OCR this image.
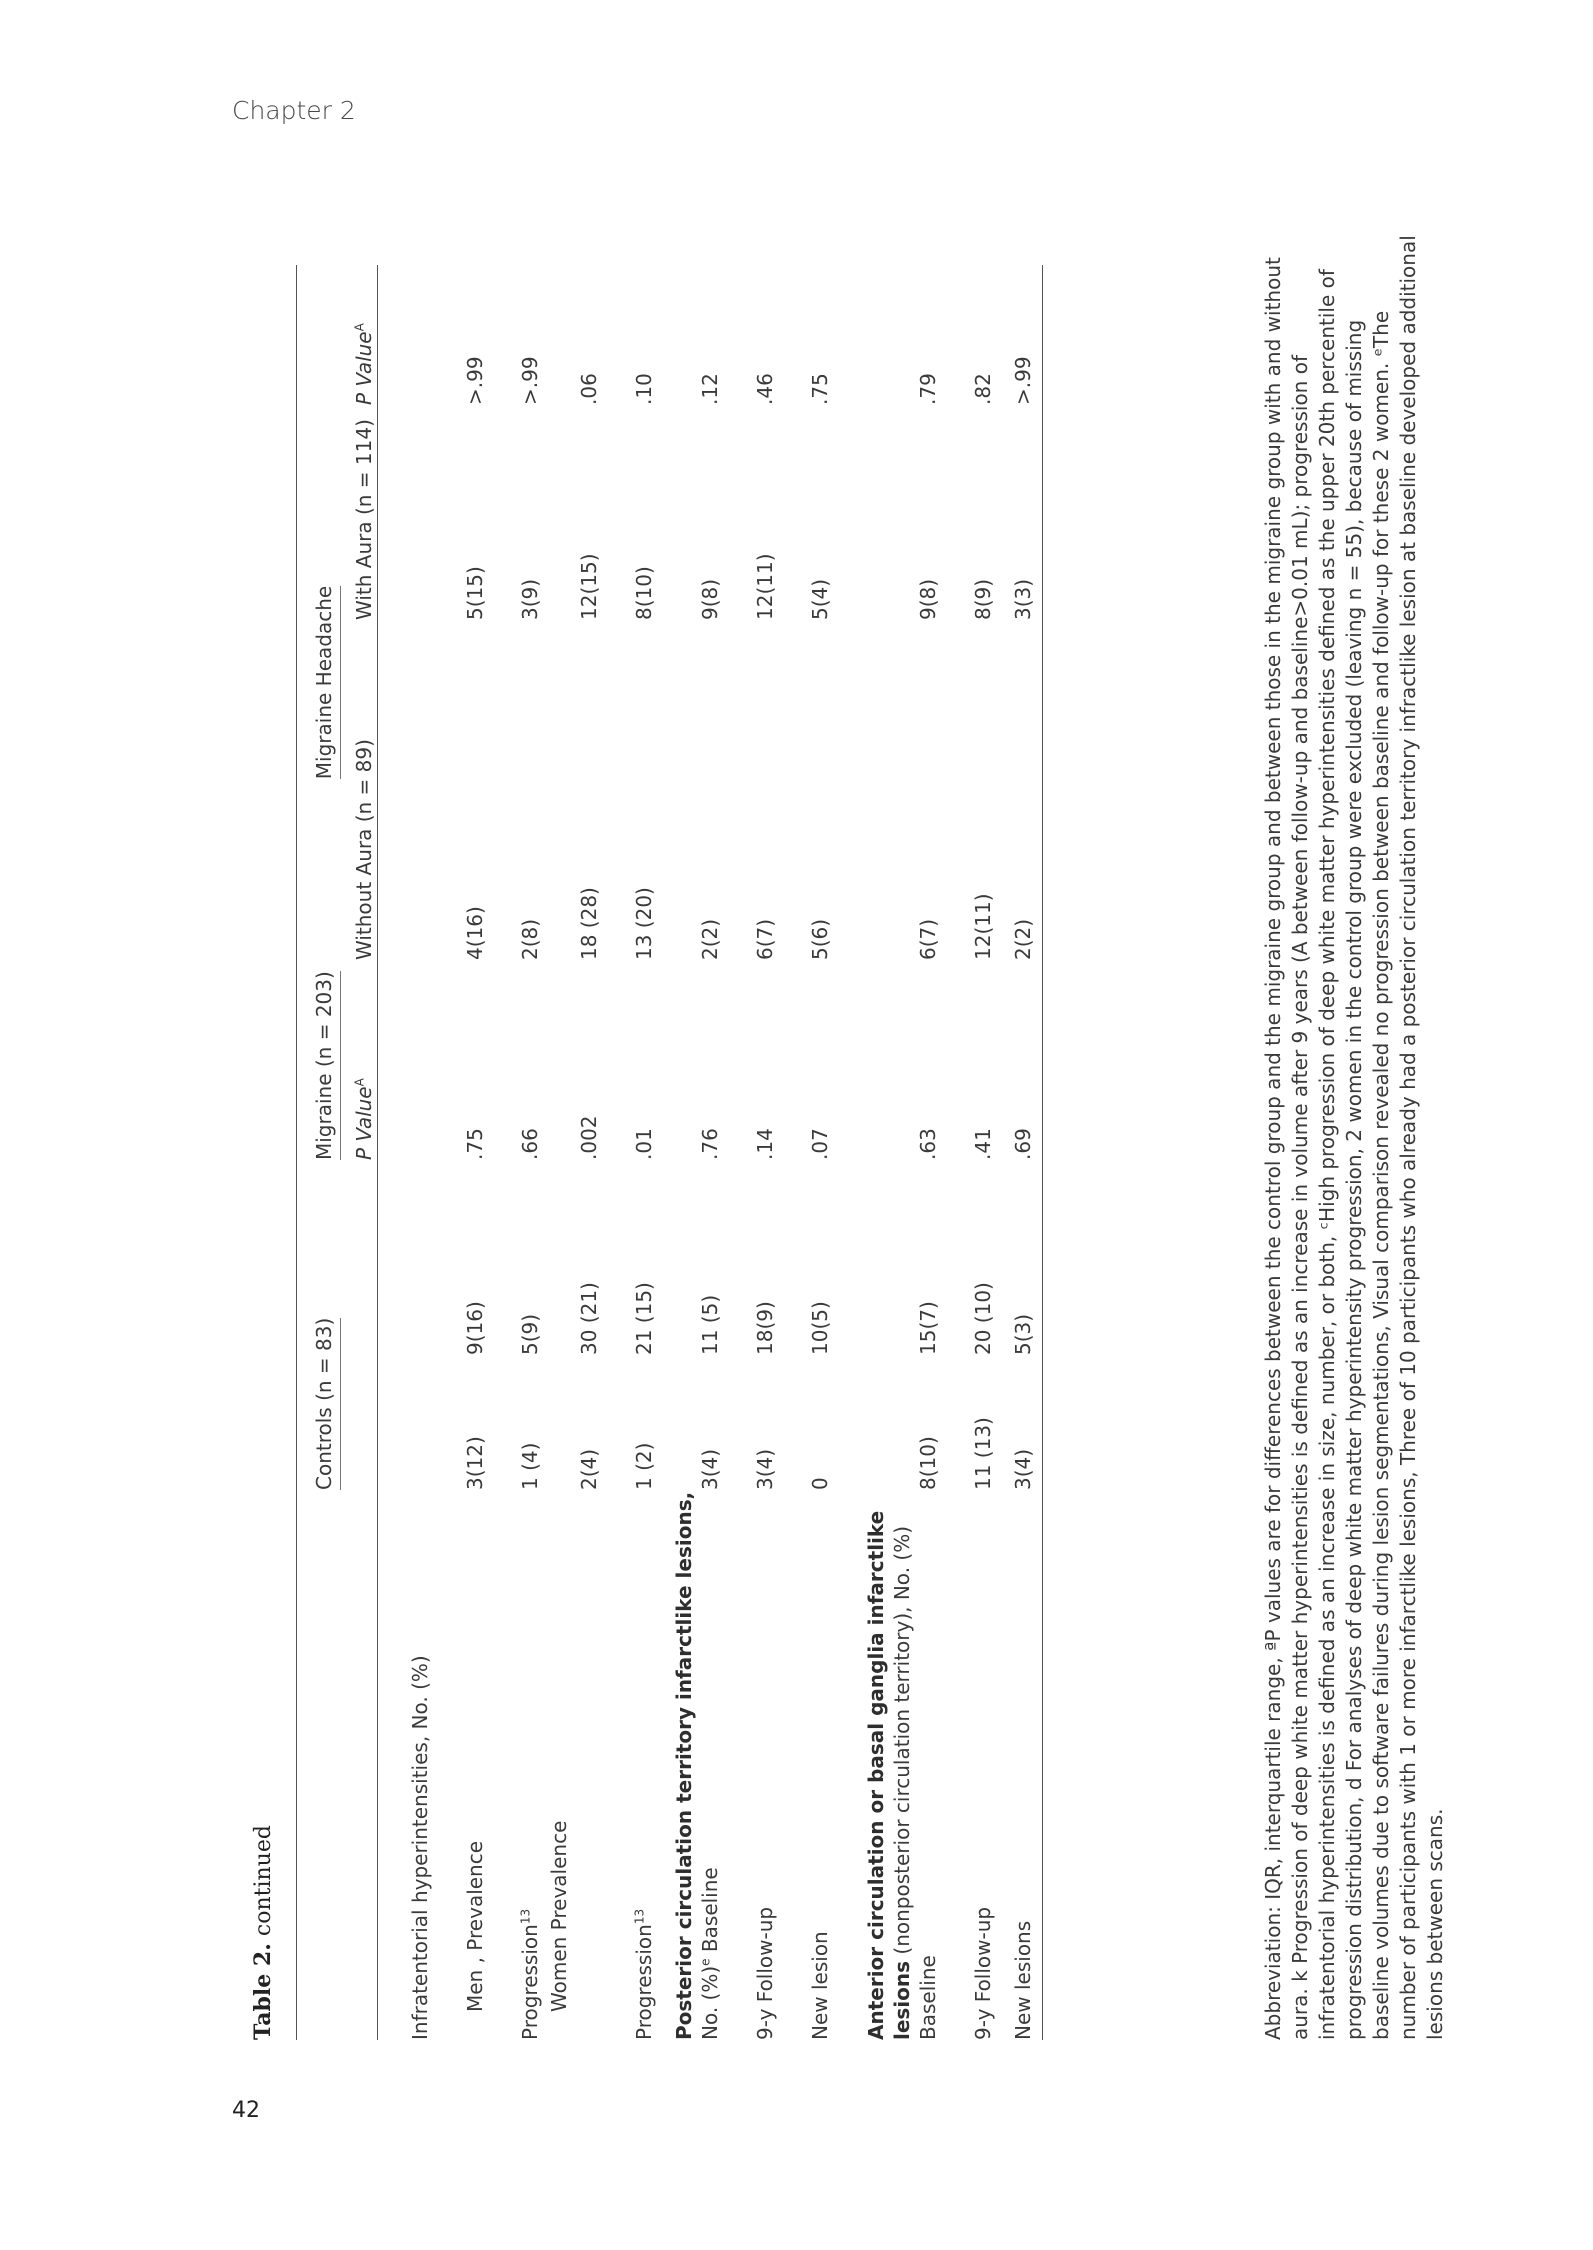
Chapter 2
42
Table 2. continued

	Controls (n = 83)		Migraine (n = 203)	Migraine Headache		
			P Value$^A$	Without Aura (n = 89)	With Aura (n = 114)	P Value$^A$
Infratentorial hyperintensities, No. (%)						
Men , Prevalence	3(12)	9(16)	.75	4(16)	5(15)	>.99
Progression$^{13}$	1 (4)	5(9)	.66	2(8)	3(9)	>.99
Women Prevalence	2(4)	30 (21)	.002	18 (28)	12(15)	.06
Progression$^{13}$	1 (2)	21 (15)	.01	13 (20)	8(10)	.10
Posterior circulation territory infarctlike lesions, No. (%)$^e$ Baseline	3(4)	11 (5)	.76	2(2)	9(8)	.12
9-y Follow-up	3(4)	18(9)	.14	6(7)	12(11)	.46
New lesion	0	10(5)	.07	5(6)	5(4)	.75
Anterior circulation or basal ganglia infarctlike lesions (nonposterior circulation territory), No. (%)
Baseline	8(10)	15(7)	.63	6(7)	9(8)	.79
9-y Follow-up	11 (13)	20 (10)	.41	12(11)	8(9)	.82
New lesions	3(4)	5(3)	.69	2(2)	3(3)	>.99	Abbreviation: IQR, interquartile range, ªP values are for differences between the control group and the migraine group and between those in the migraine group with and without aura. k Progression of deep white matter hyperintensities is defined as an increase in volume after 9 years (A between follow-up and baseline>0.01 mL); progression of infratentorial hyperintensities is defined as an increase in size, number, or both, ᶜHigh progression of deep white matter hyperintensities defined as the upper 20th percentile of progression distribution, d For analyses of deep white matter hyperintensity progression, 2 women in the control group were excluded (leaving n = 55), because of missing baseline volumes due to software failures during lesion segmentations, Visual comparison revealed no progression between baseline and follow-up for these 2 women. ᵉThe number of participants with 1 or more infarctlike lesions, Three of 10 participants who already had a posterior circulation territory infractlike lesion at baseline developed additional lesions between scans.
